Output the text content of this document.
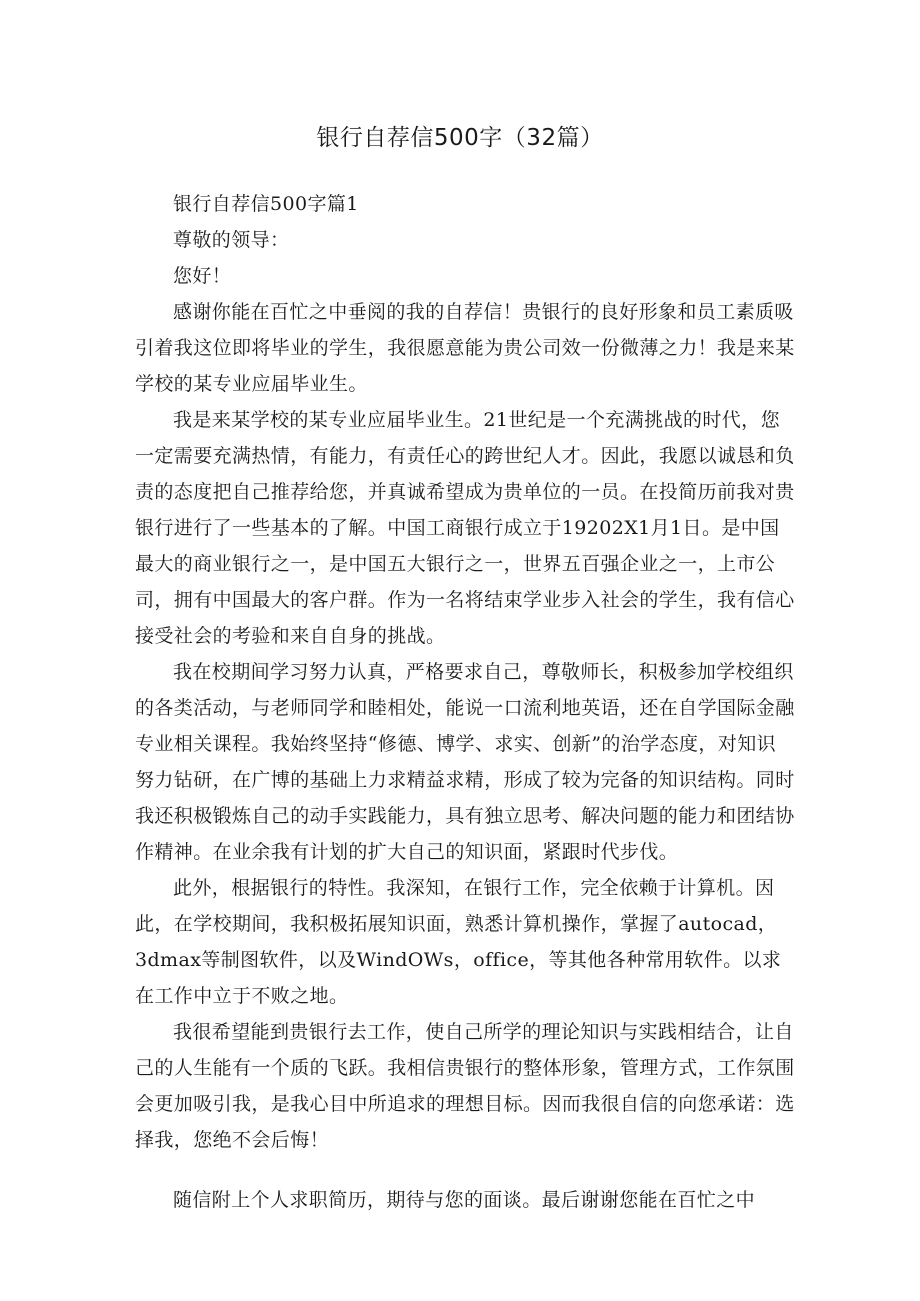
银行自荐信500字（32篇）

银行自荐信500字篇1

尊敬的领导：

您好！

感谢你能在百忙之中垂阅的我的自荐信！贵银行的良好形象和员工素质吸引着我这位即将毕业的学生，我很愿意能为贵公司效一份微薄之力！我是来某学校的某专业应届毕业生。

我是来某学校的某专业应届毕业生。21世纪是一个充满挑战的时代，您一定需要充满热情，有能力，有责任心的跨世纪人才。因此，我愿以诚恳和负责的态度把自己推荐给您，并真诚希望成为贵单位的一员。在投简历前我对贵银行进行了一些基本的了解。中国工商银行成立于19202X1月1日。是中国最大的商业银行之一，是中国五大银行之一，世界五百强企业之一，上市公司，拥有中国最大的客户群。作为一名将结束学业步入社会的学生，我有信心接受社会的考验和来自自身的挑战。

我在校期间学习努力认真，严格要求自己，尊敬师长，积极参加学校组织的各类活动，与老师同学和睦相处，能说一口流利地英语，还在自学国际金融专业相关课程。我始终坚持“修德、博学、求实、创新”的治学态度，对知识努力钻研，在广博的基础上力求精益求精，形成了较为完备的知识结构。同时我还积极锻炼自己的动手实践能力，具有独立思考、解决问题的能力和团结协作精神。在业余我有计划的扩大自己的知识面，紧跟时代步伐。

此外，根据银行的特性。我深知，在银行工作，完全依赖于计算机。因此，在学校期间，我积极拓展知识面，熟悉计算机操作，掌握了autocad，3dmax等制图软件，以及WindOWs，office，等其他各种常用软件。以求在工作中立于不败之地。

我很希望能到贵银行去工作，使自己所学的理论知识与实践相结合，让自己的人生能有一个质的飞跃。我相信贵银行的整体形象，管理方式，工作氛围会更加吸引我，是我心目中所追求的理想目标。因而我很自信的向您承诺：选择我，您绝不会后悔！

随信附上个人求职简历，期待与您的面谈。最后谢谢您能在百忙之中
